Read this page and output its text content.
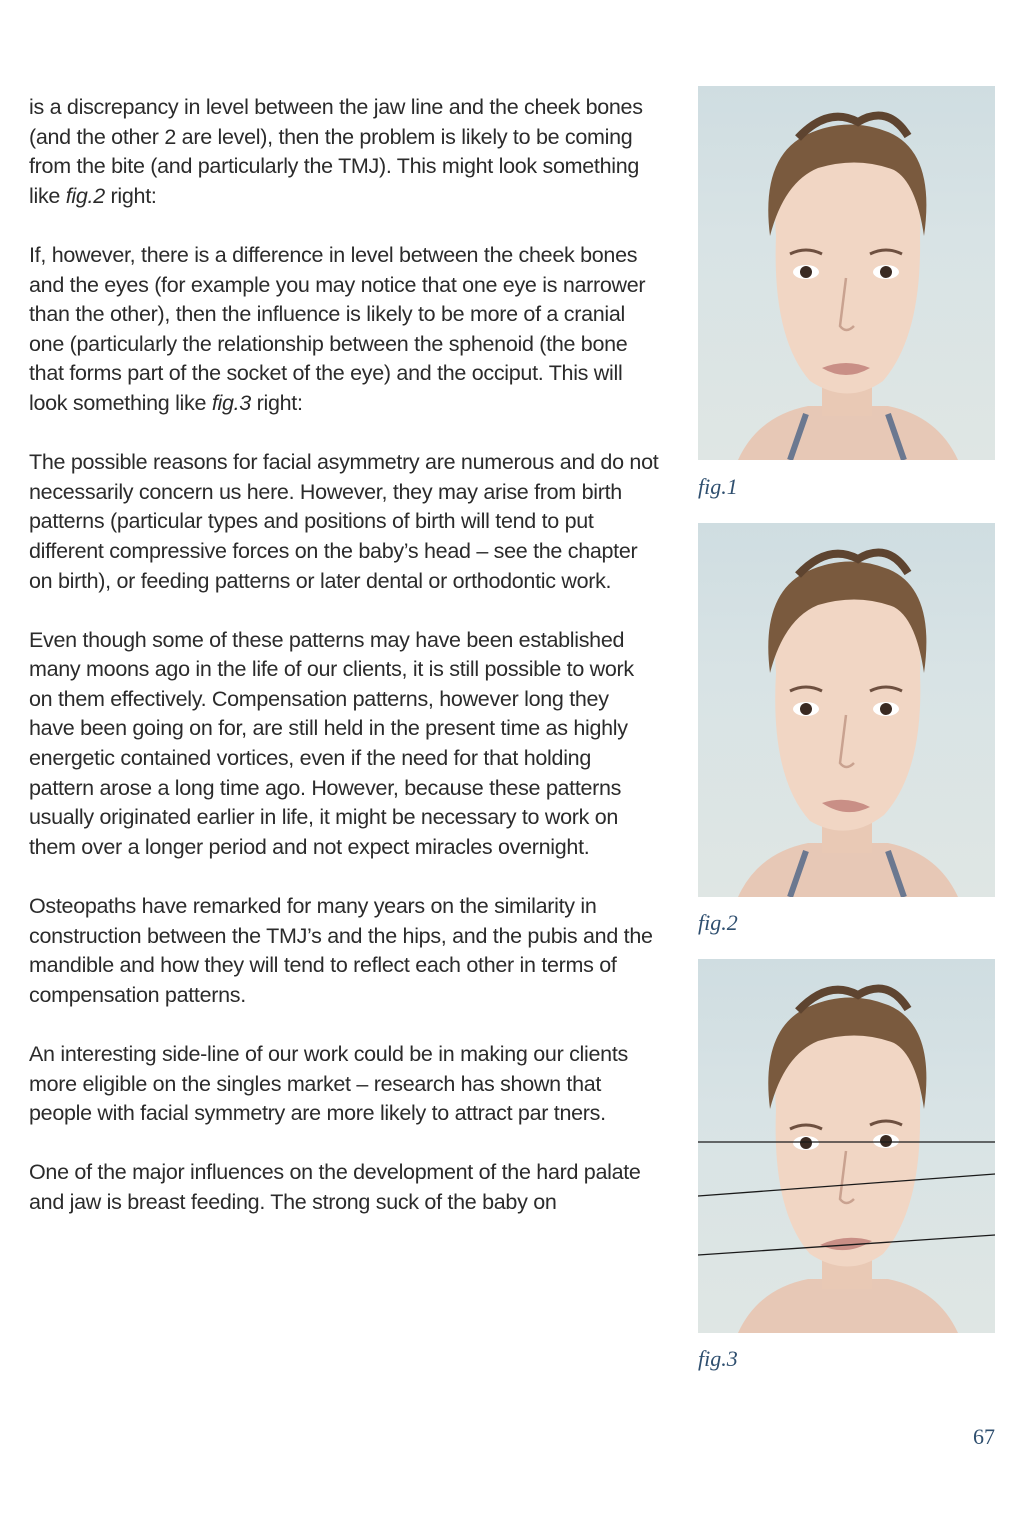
is a discrepancy in level between the jaw line and the cheek bones (and the other 2 are level), then the problem is likely to be coming from the bite (and particularly the TMJ). This might look something like fig.2 right:

If, however, there is a difference in level between the cheek bones and the eyes (for example you may notice that one eye is narrower than the other), then the influence is likely to be more of a cranial one (particularly the relationship between the sphenoid (the bone that forms part of the socket of the eye) and the occiput. This will look something like fig.3 right:

The possible reasons for facial asymmetry are numerous and do not necessarily concern us here. However, they may arise from birth patterns (particular types and positions of birth will tend to put different compressive forces on the baby’s head – see the chapter on birth), or feeding patterns or later dental or orthodontic work.

Even though some of these patterns may have been established many moons ago in the life of our clients, it is still possible to work on them effectively. Compensation patterns, however long they have been going on for, are still held in the present time as highly energetic contained vortices, even if the need for that holding pattern arose a long time ago. However, because these patterns usually originated earlier in life, it might be necessary to work on them over a longer period and not expect miracles overnight.

Osteopaths have remarked for many years on the similarity in construction between the TMJ’s and the hips, and the pubis and the mandible and how they will tend to reflect each other in terms of compensation patterns.

An interesting side-line of our work could be in making our clients more eligible on the singles market – research has shown that people with facial symmetry are more likely to attract par tners.

One of the major influences on the development of the hard palate and jaw is breast feeding. The strong suck of the baby on

fig.1
fig.2
fig.3
67
